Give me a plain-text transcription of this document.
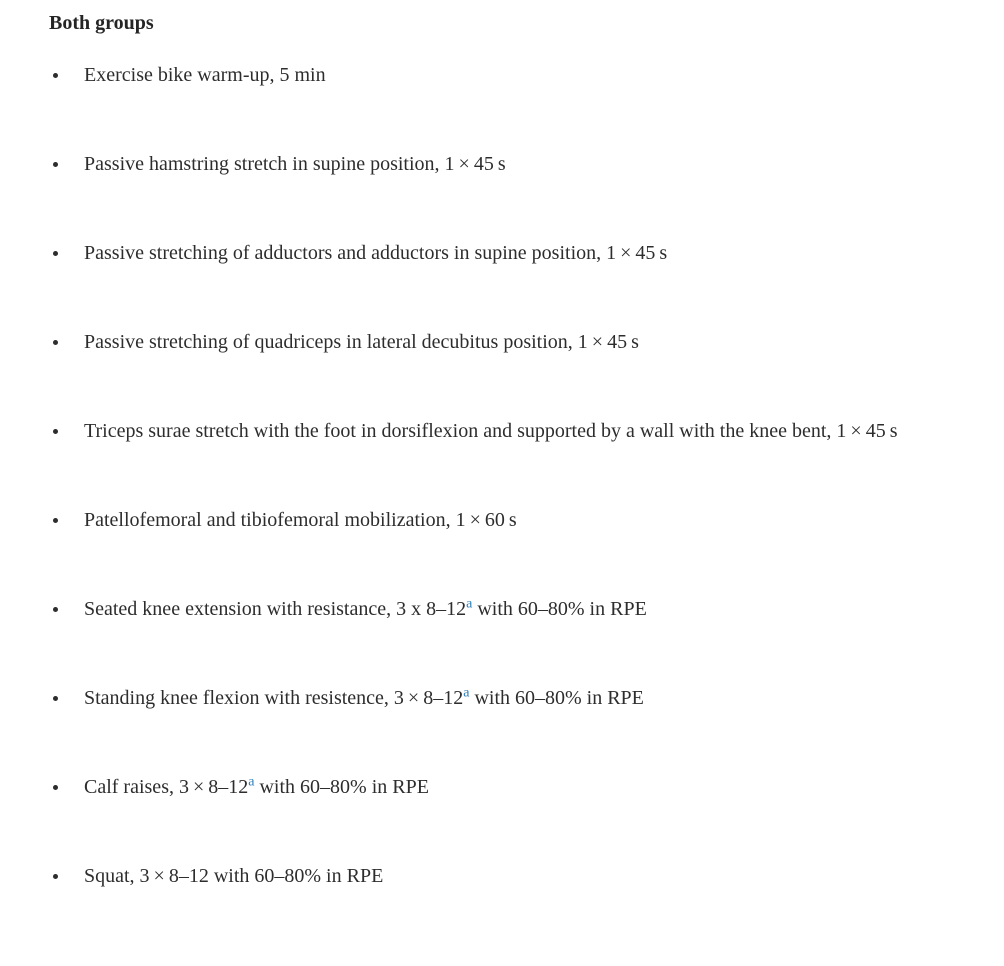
Both groups
Exercise bike warm-up, 5 min
Passive hamstring stretch in supine position, 1 × 45 s
Passive stretching of adductors and adductors in supine position, 1 × 45 s
Passive stretching of quadriceps in lateral decubitus position, 1 × 45 s
Triceps surae stretch with the foot in dorsiflexion and supported by a wall with the knee bent, 1 × 45 s
Patellofemoral and tibiofemoral mobilization, 1 × 60 s
Seated knee extension with resistance, 3 x 8–12$^a$ with 60–80% in RPE
Standing knee flexion with resistence, 3 × 8–12$^a$ with 60–80% in RPE
Calf raises, 3 × 8–12$^a$ with 60–80% in RPE
Squat, 3 × 8–12 with 60–80% in RPE
